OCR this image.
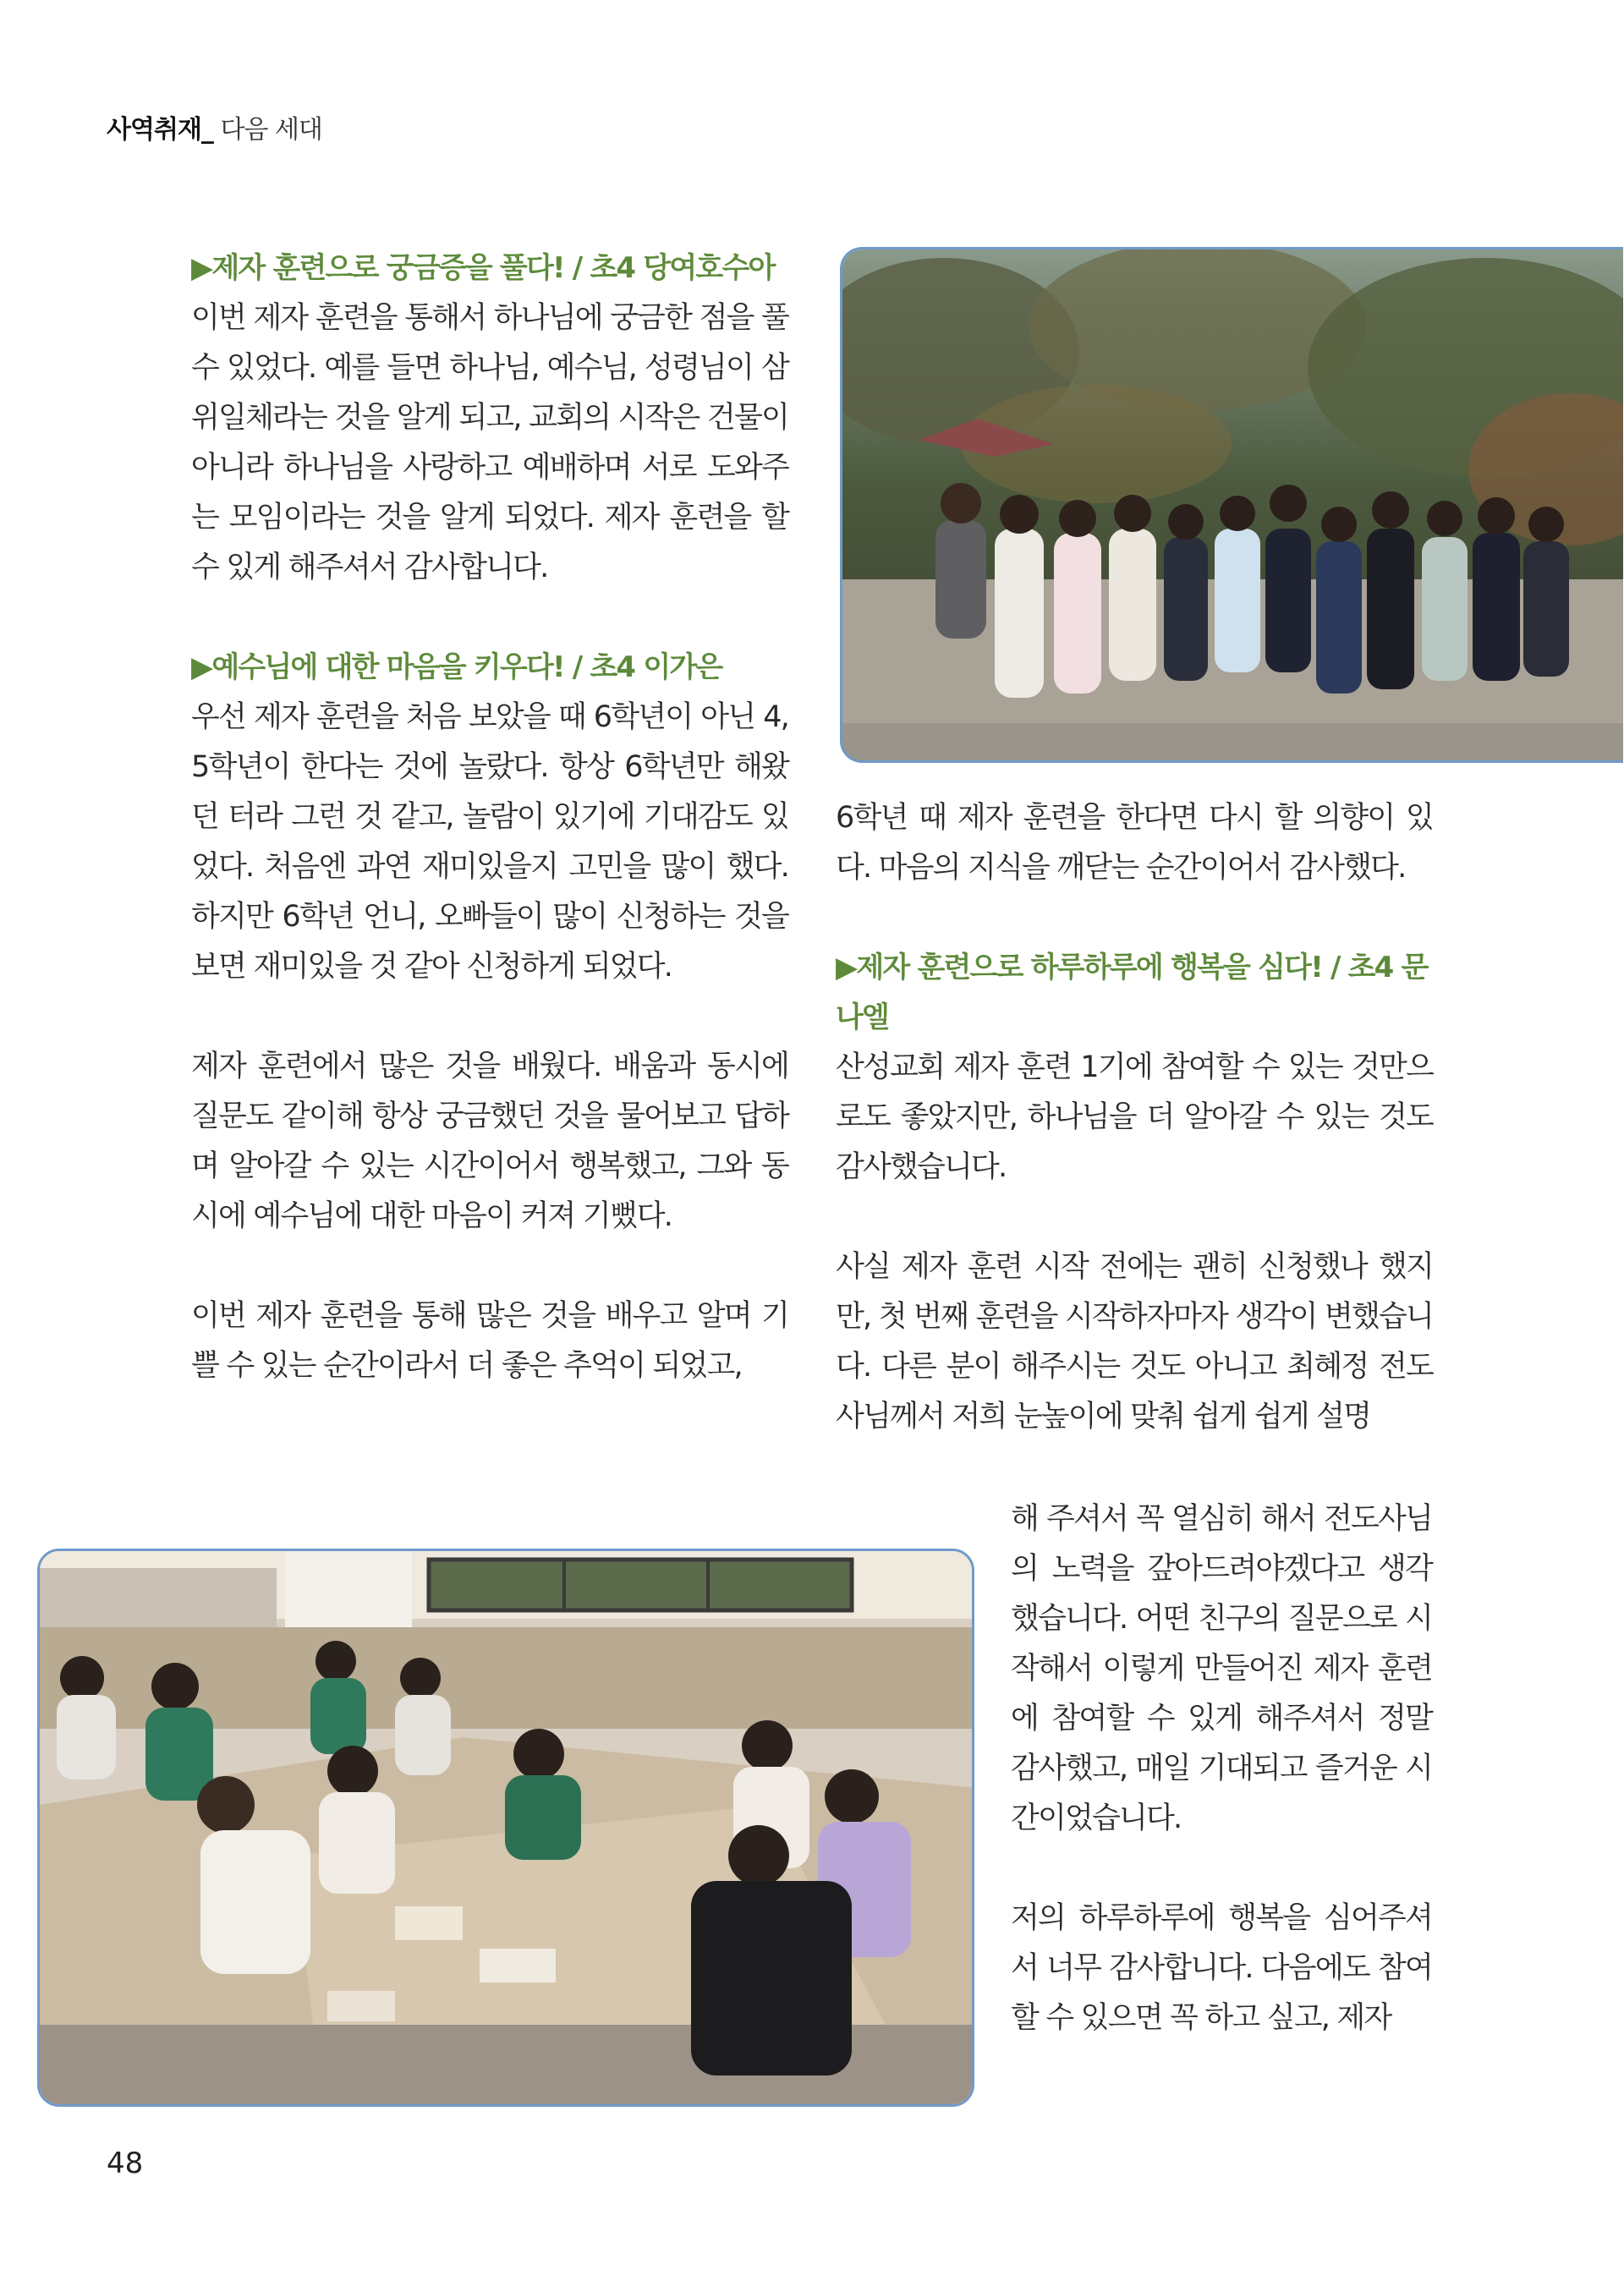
사역취재_ 다음 세대

▶제자 훈련으로 궁금증을 풀다! / 초4 당여호수아

이번 제자 훈련을 통해서 하나님에 궁금한 점을 풀 수 있었다. 예를 들면 하나님, 예수님, 성령님이 삼위일체라는 것을 알게 되고, 교회의 시작은 건물이 아니라 하나님을 사랑하고 예배하며 서로 도와주는 모임이라는 것을 알게 되었다. 제자 훈련을 할 수 있게 해주셔서 감사합니다.

▶예수님에 대한 마음을 키우다! / 초4 이가은

우선 제자 훈련을 처음 보았을 때 6학년이 아닌 4, 5학년이 한다는 것에 놀랐다. 항상 6학년만 해왔던 터라 그런 것 같고, 놀람이 있기에 기대감도 있었다. 처음엔 과연 재미있을지 고민을 많이 했다. 하지만 6학년 언니, 오빠들이 많이 신청하는 것을 보면 재미있을 것 같아 신청하게 되었다.

제자 훈련에서 많은 것을 배웠다. 배움과 동시에 질문도 같이해 항상 궁금했던 것을 물어보고 답하며 알아갈 수 있는 시간이어서 행복했고, 그와 동시에 예수님에 대한 마음이 커져 기뻤다.

이번 제자 훈련을 통해 많은 것을 배우고 알며 기쁠 수 있는 순간이라서 더 좋은 추억이 되었고,

6학년 때 제자 훈련을 한다면 다시 할 의향이 있다. 마음의 지식을 깨닫는 순간이어서 감사했다.

▶제자 훈련으로 하루하루에 행복을 심다! / 초4 문나엘

산성교회 제자 훈련 1기에 참여할 수 있는 것만으로도 좋았지만, 하나님을 더 알아갈 수 있는 것도 감사했습니다.

사실 제자 훈련 시작 전에는 괜히 신청했나 했지만, 첫 번째 훈련을 시작하자마자 생각이 변했습니다. 다른 분이 해주시는 것도 아니고 최혜정 전도사님께서 저희 눈높이에 맞춰 쉽게 쉽게 설명

해 주셔서 꼭 열심히 해서 전도사님의 노력을 갚아드려야겠다고 생각했습니다. 어떤 친구의 질문으로 시작해서 이렇게 만들어진 제자 훈련에 참여할 수 있게 해주셔서 정말 감사했고, 매일 기대되고 즐거운 시간이었습니다.

저의 하루하루에 행복을 심어주셔서 너무 감사합니다. 다음에도 참여할 수 있으면 꼭 하고 싶고, 제자

48
